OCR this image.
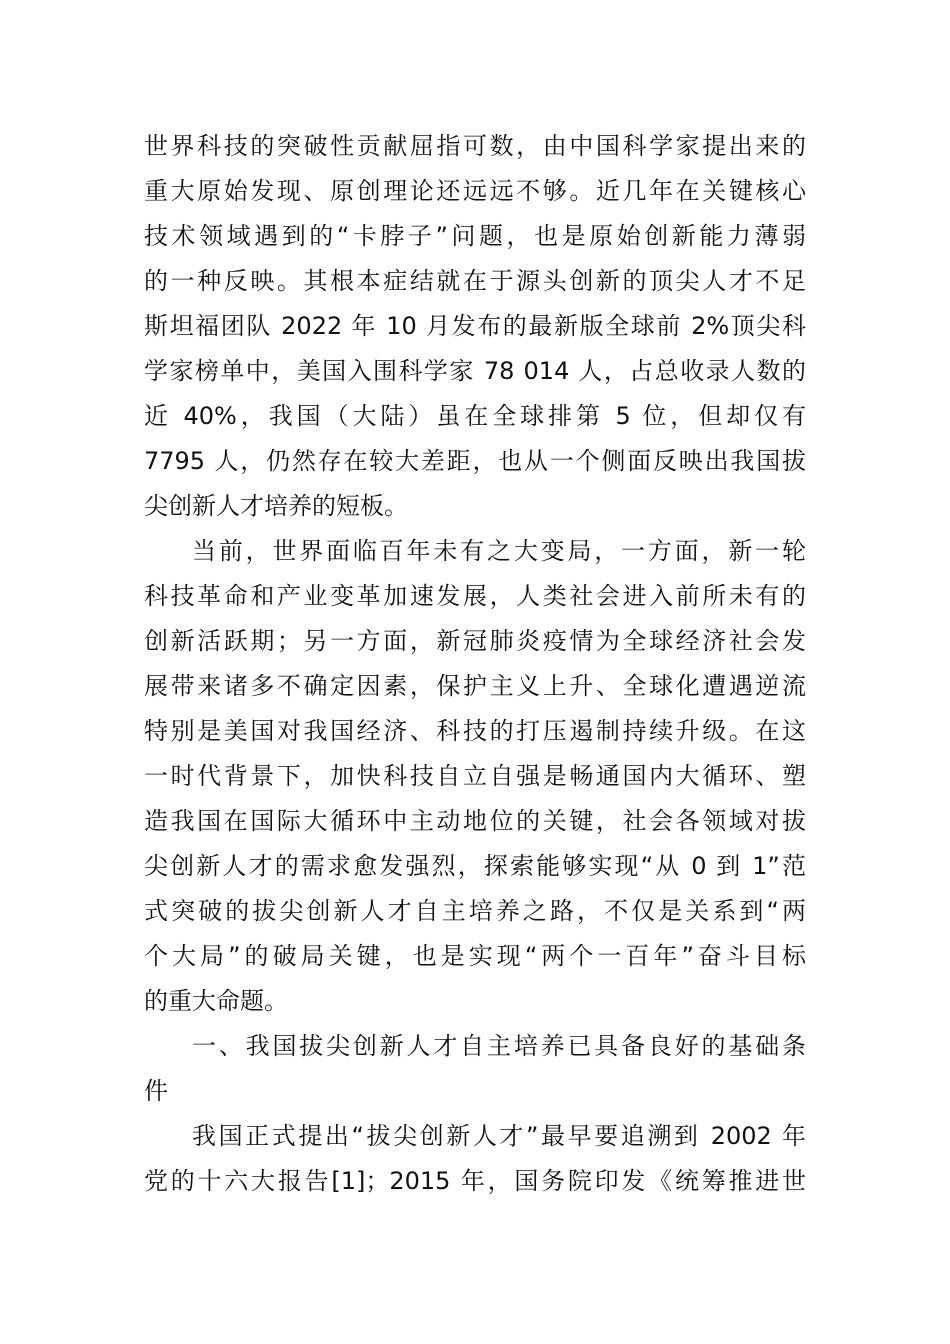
世界科技的突破性贡献屈指可数，由中国科学家提出来的
重大原始发现、原创理论还远远不够。近几年在关键核心
技术领域遇到的“卡脖子”问题，也是原始创新能力薄弱
的一种反映。其根本症结就在于源头创新的顶尖人才不足
斯坦福团队 2022 年 10 月发布的最新版全球前 2%顶尖科
学家榜单中，美国入围科学家 78 014 人，占总收录人数的
近 40%，我国（大陆）虽在全球排第 5 位，但却仅有
7795 人，仍然存在较大差距，也从一个侧面反映出我国拔
尖创新人才培养的短板。
当前，世界面临百年未有之大变局，一方面，新一轮
科技革命和产业变革加速发展，人类社会进入前所未有的
创新活跃期；另一方面，新冠肺炎疫情为全球经济社会发
展带来诸多不确定因素，保护主义上升、全球化遭遇逆流
特别是美国对我国经济、科技的打压遏制持续升级。在这
一时代背景下，加快科技自立自强是畅通国内大循环、塑
造我国在国际大循环中主动地位的关键，社会各领域对拔
尖创新人才的需求愈发强烈，探索能够实现“从 0 到 1”范
式突破的拔尖创新人才自主培养之路，不仅是关系到“两
个大局”的破局关键，也是实现“两个一百年”奋斗目标
的重大命题。
一、我国拔尖创新人才自主培养已具备良好的基础条
件
我国正式提出“拔尖创新人才”最早要追溯到 2002 年
党的十六大报告[1]；2015 年，国务院印发《统筹推进世
